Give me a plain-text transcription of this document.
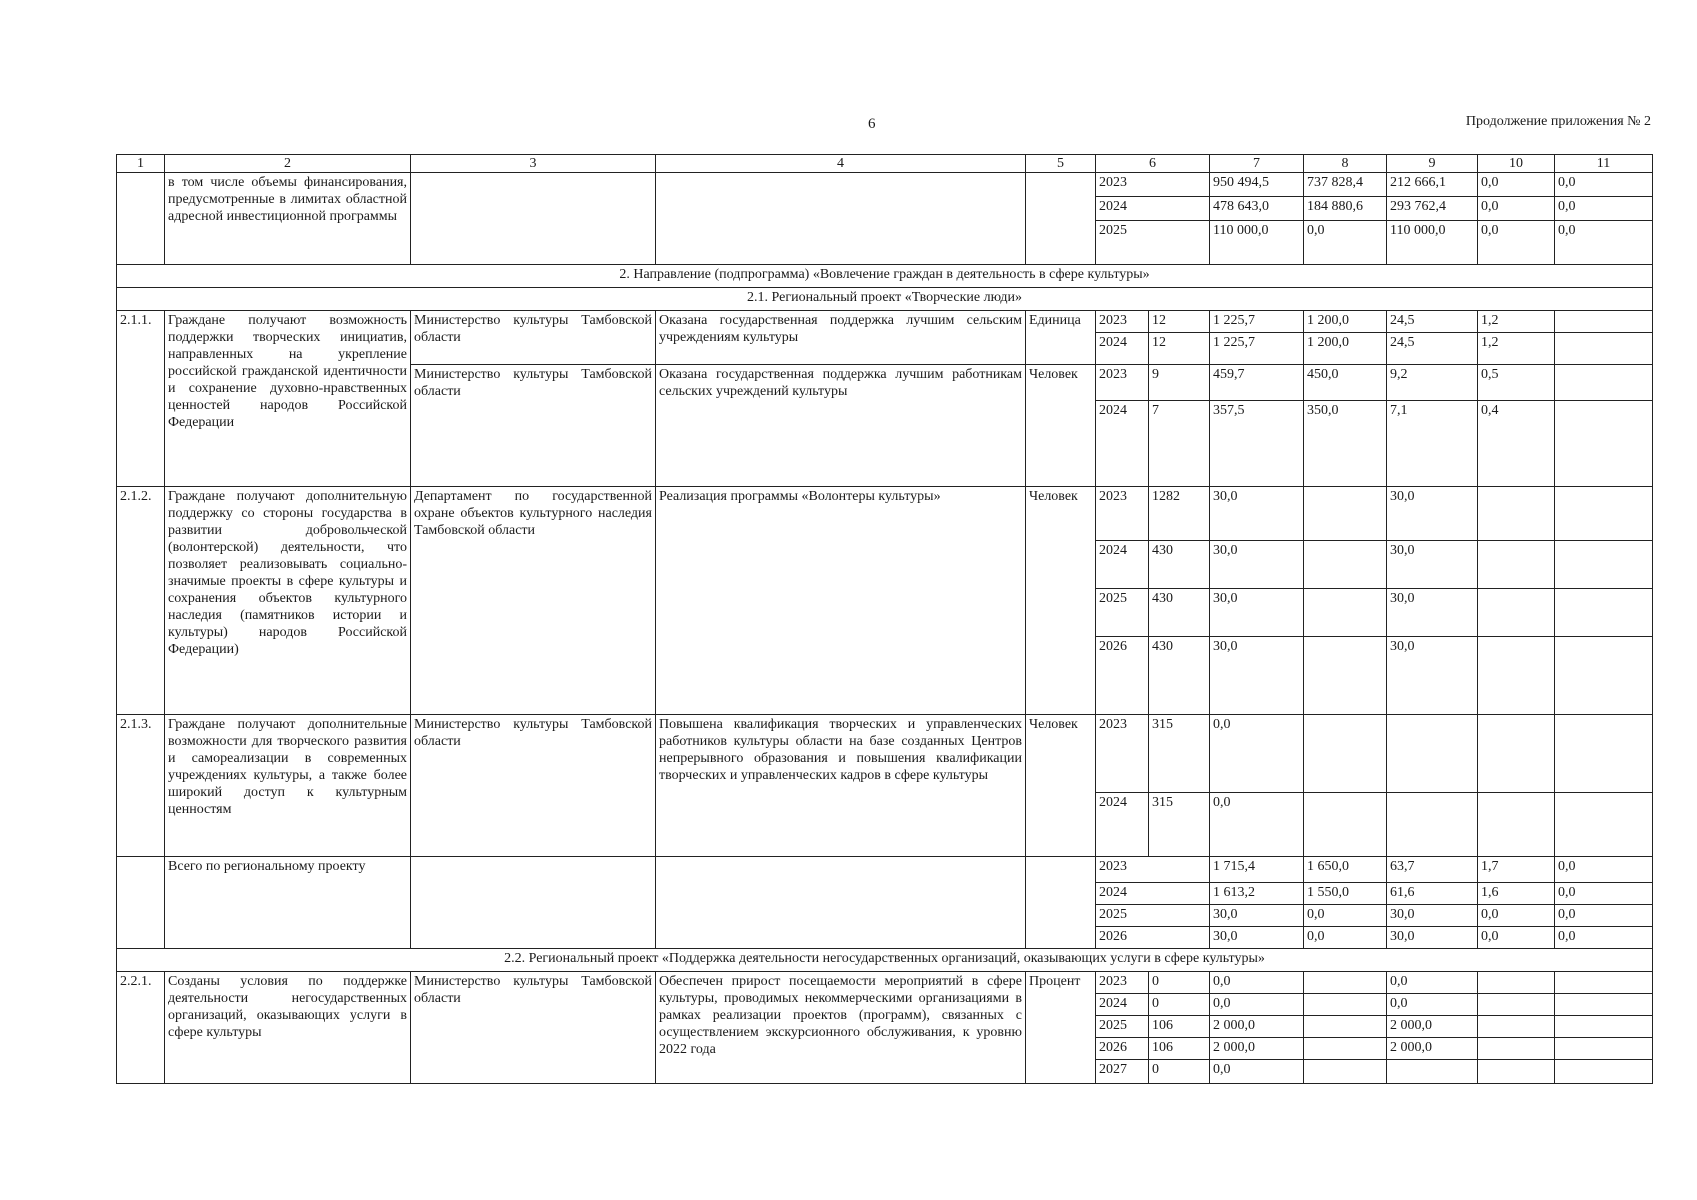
6	Продолжение приложения № 2
1	2	3	4	5	6		7	8	9	10	11
	в том числе объемы финансирования, предусмотренные в лимитах областной адресной инвестиционной программы				2023		950 494,5	737 828,4	212 666,1	0,0	0,0
					2024		478 643,0	184 880,6	293 762,4	0,0	0,0
					2025		110 000,0	0,0	110 000,0	0,0	0,0
2. Направление (подпрограмма) «Вовлечение граждан в деятельность в сфере культуры»											
2.1. Региональный проект «Творческие люди»											
2.1.1.	Граждане получают возможность поддержки творческих инициатив, направленных на укрепление российской гражданской идентичности и сохранение духовно-нравственных ценностей народов Российской Федерации	Министерство культуры Тамбовской области	Оказана государственная поддержка лучшим сельским учреждениям культуры	Единица	2023	12	1 225,7	1 200,0	24,5	1,2	
					2024	12	1 225,7	1 200,0	24,5	1,2	
		Министерство культуры Тамбовской области	Оказана государственная поддержка лучшим работникам сельских учреждений культуры	Человек	2023	9	459,7	450,0	9,2	0,5	
					2024	7	357,5	350,0	7,1	0,4	
2.1.2.	Граждане получают дополнительную поддержку со стороны государства в развитии добровольческой (волонтерской) деятельности, что позволяет реализовывать социально-значимые проекты в сфере культуры и сохранения объектов культурного наследия (памятников истории и культуры) народов Российской Федерации)	Департамент по государственной охране объектов культурного наследия Тамбовской области	Реализация программы «Волонтеры культуры»	Человек	2023	1282	30,0		30,0		
					2024	430	30,0		30,0		
					2025	430	30,0		30,0		
					2026	430	30,0		30,0		
2.1.3.	Граждане получают дополнительные возможности для творческого развития и самореализации в современных учреждениях культуры, а также более широкий доступ к культурным ценностям	Министерство культуры Тамбовской области	Повышена квалификация творческих и управленческих работников культуры области на базе созданных Центров непрерывного образования и повышения квалификации творческих и управленческих кадров в сфере культуры	Человек	2023	315	0,0				
					2024	315	0,0				
	Всего по региональному проекту				2023		1 715,4	1 650,0	63,7	1,7	0,0
					2024		1 613,2	1 550,0	61,6	1,6	0,0
					2025		30,0	0,0	30,0	0,0	0,0
					2026		30,0	0,0	30,0	0,0	0,0
2.2. Региональный проект «Поддержка деятельности негосударственных организаций, оказывающих услуги в сфере культуры»											
2.2.1.	Созданы условия по поддержке деятельности негосударственных организаций, оказывающих услуги в сфере культуры	Министерство культуры Тамбовской области	Обеспечен прирост посещаемости мероприятий в сфере культуры, проводимых некоммерческими организациями в рамках реализации проектов (программ), связанных с осуществлением экскурсионного обслуживания, к уровню 2022 года	Процент	2023	0	0,0		0,0		
					2024	0	0,0		0,0		
					2025	106	2 000,0		2 000,0		
					2026	106	2 000,0		2 000,0		
					2027	0	0,0				
